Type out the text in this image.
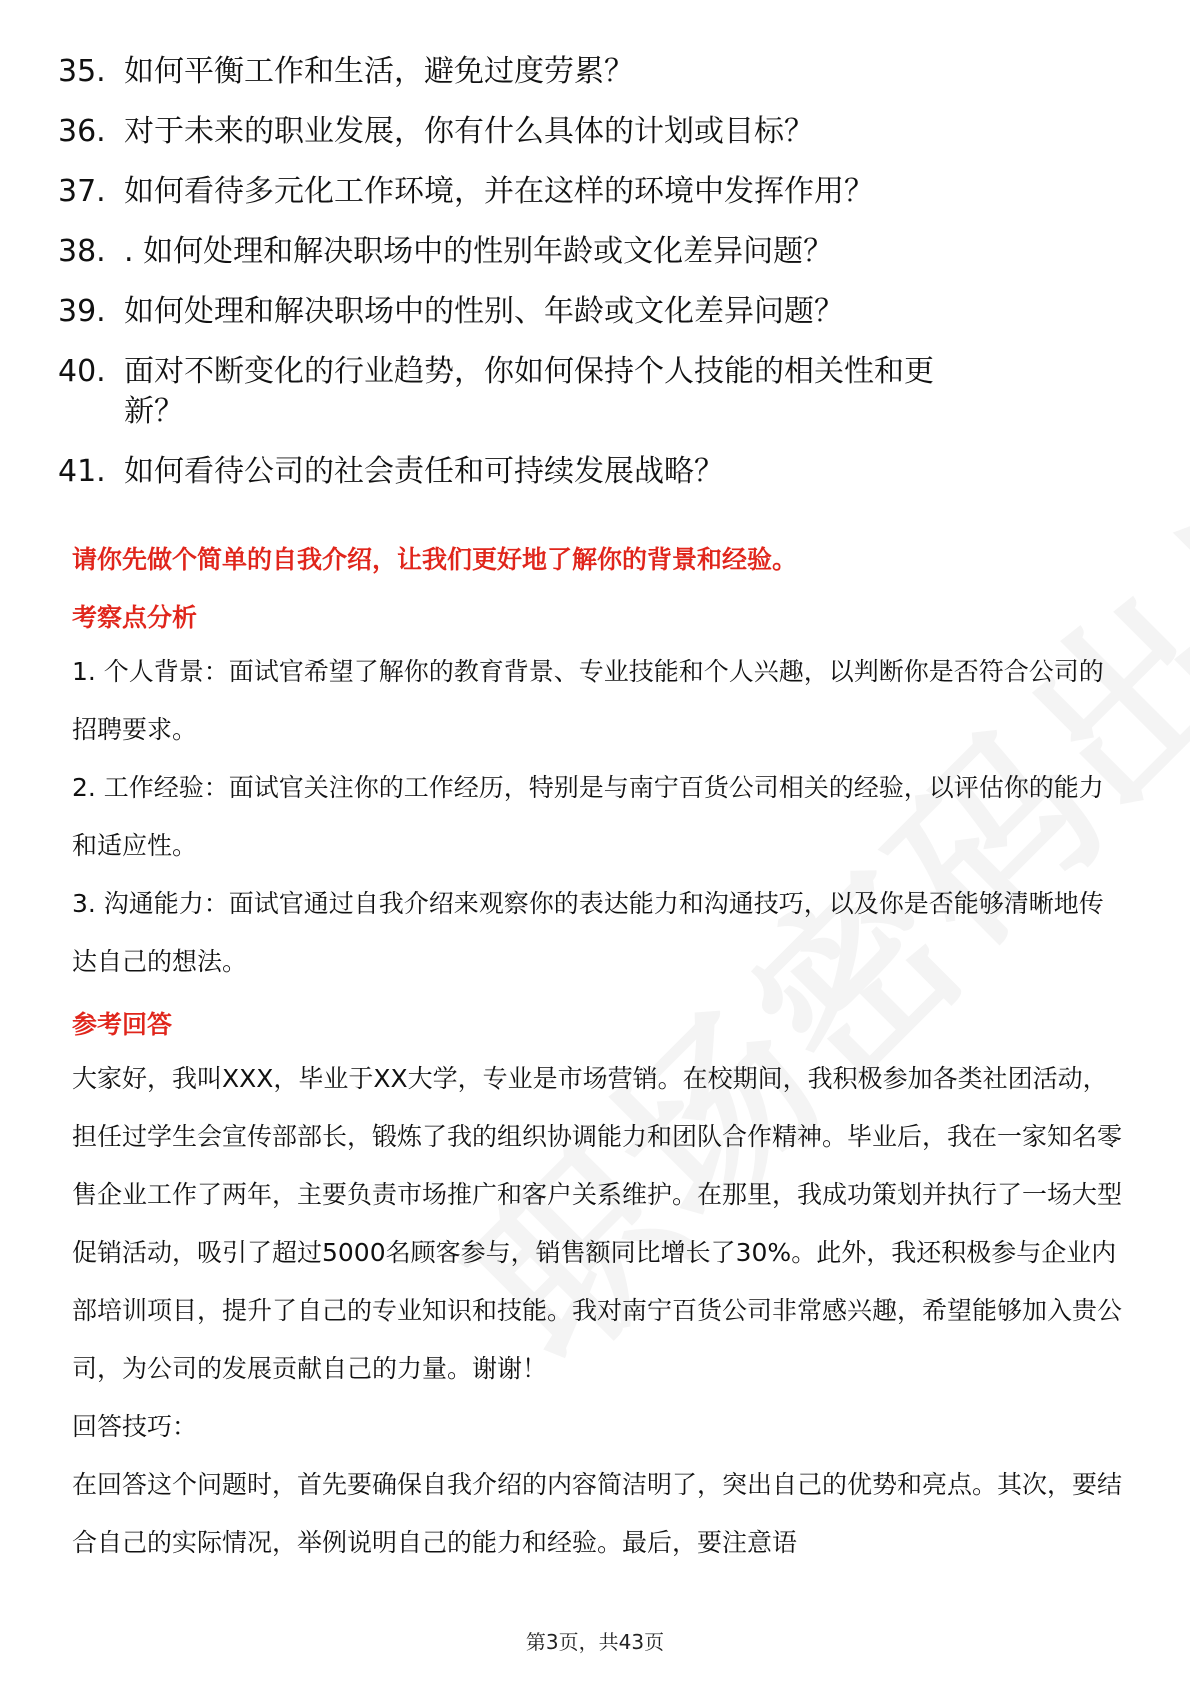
35. 如何平衡工作和生活，避免过度劳累？
36. 对于未来的职业发展，你有什么具体的计划或目标？
37. 如何看待多元化工作环境，并在这样的环境中发挥作用？
38. . 如何处理和解决职场中的性别年龄或文化差异问题？
39. 如何处理和解决职场中的性别、年龄或文化差异问题？
40. 面对不断变化的行业趋势，你如何保持个人技能的相关性和更新？
41. 如何看待公司的社会责任和可持续发展战略？
请你先做个简单的自我介绍，让我们更好地了解你的背景和经验。
考察点分析

1. 个人背景：面试官希望了解你的教育背景、专业技能和个人兴趣，以判断你是否符合公司的招聘要求。

2. 工作经验：面试官关注你的工作经历，特别是与南宁百货公司相关的经验，以评估你的能力和适应性。

3. 沟通能力：面试官通过自我介绍来观察你的表达能力和沟通技巧，以及你是否能够清晰地传达自己的想法。

参考回答

大家好，我叫XXX，毕业于XX大学，专业是市场营销。在校期间，我积极参加各类社团活动，担任过学生会宣传部部长，锻炼了我的组织协调能力和团队合作精神。毕业后，我在一家知名零售企业工作了两年，主要负责市场推广和客户关系维护。在那里，我成功策划并执行了一场大型促销活动，吸引了超过5000名顾客参与，销售额同比增长了30%。此外，我还积极参与企业内部培训项目，提升了自己的专业知识和技能。我对南宁百货公司非常感兴趣，希望能够加入贵公司，为公司的发展贡献自己的力量。谢谢！

回答技巧：

在回答这个问题时，首先要确保自我介绍的内容简洁明了，突出自己的优势和亮点。其次，要结合自己的实际情况，举例说明自己的能力和经验。最后，要注意语

第3页，共43页
